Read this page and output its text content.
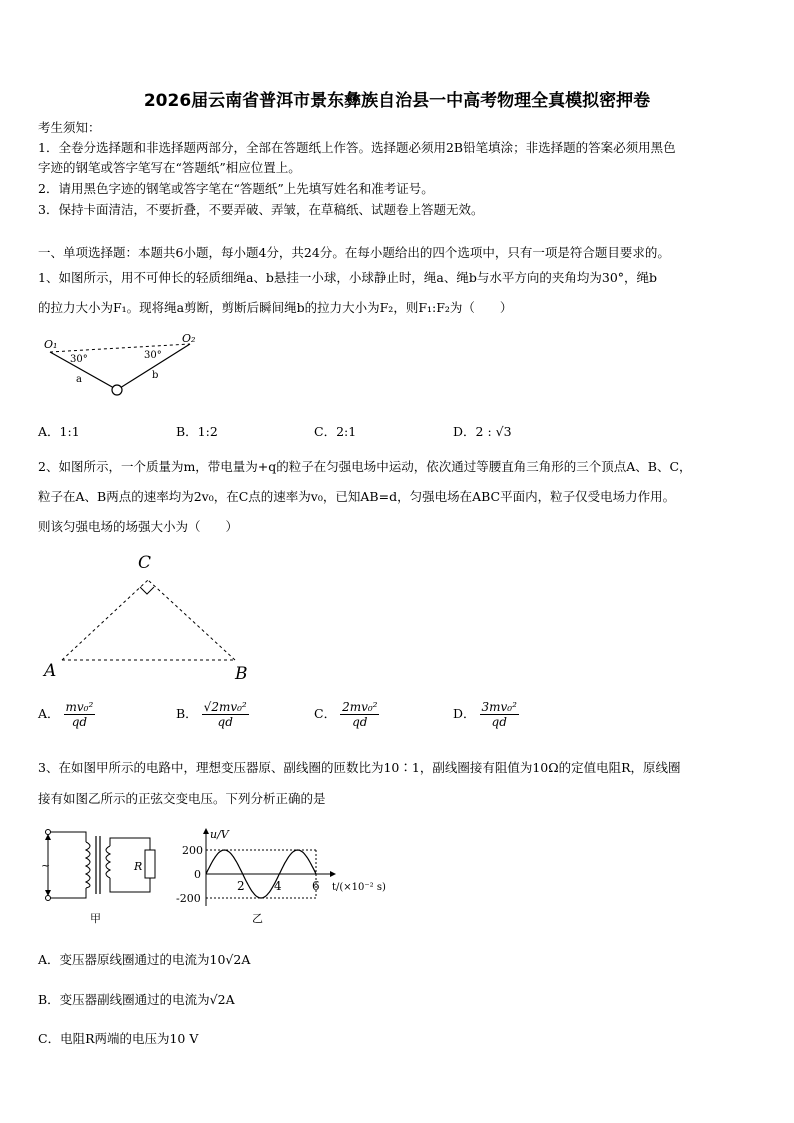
2026届云南省普洱市景东彝族自治县一中高考物理全真模拟密押卷
考生须知：
1．全卷分选择题和非选择题两部分，全部在答题纸上作答。选择题必须用2B铅笔填涂；非选择题的答案必须用黑色
字迹的钢笔或答字笔写在“答题纸”相应位置上。
2．请用黑色字迹的钢笔或答字笔在“答题纸”上先填写姓名和准考证号。
3．保持卡面清洁，不要折叠，不要弄破、弄皱，在草稿纸、试题卷上答题无效。
一、单项选择题：本题共6小题，每小题4分，共24分。在每小题给出的四个选项中，只有一项是符合题目要求的。
1、如图所示，用不可伸长的轻质细绳a、b悬挂一小球，小球静止时，绳a、绳b与水平方向的夹角均为30°，绳b
的拉力大小为F₁。现将绳a剪断，剪断后瞬间绳b的拉力大小为F₂，则F₁:F₂为（　　）
O₁	O₂
30°	30°
a	b
A．1:1	B．1:2	C．2:1	D．2 : √3
2、如图所示，一个质量为m，带电量为+q的粒子在匀强电场中运动，依次通过等腰直角三角形的三个顶点A、B、C，
粒子在A、B两点的速率均为2v₀，在C点的速率为v₀，已知AB=d，匀强电场在ABC平面内，粒子仅受电场力作用。
则该匀强电场的场强大小为（　　）
C
A	B
A． $\frac{\text{mv₀²}}{qd}$	B． $\frac{\text{√2mv₀²}}{qd}$	C． $\frac{\text{2mv₀²}}{qd}$	D． $\frac{\text{3mv₀²}}{qd}$
3、在如图甲所示的电路中，理想变压器原、副线圈的匝数比为10∶1，副线圈接有阻值为10Ω的定值电阻R，原线圈
接有如图乙所示的正弦交变电压。下列分析正确的是
~	R
甲
u/V
200
0
-200
2 4	6 t/(×10⁻² s)
乙
A．变压器原线圈通过的电流为10√2A
B．变压器副线圈通过的电流为√2A
C．电阻R两端的电压为10 V
